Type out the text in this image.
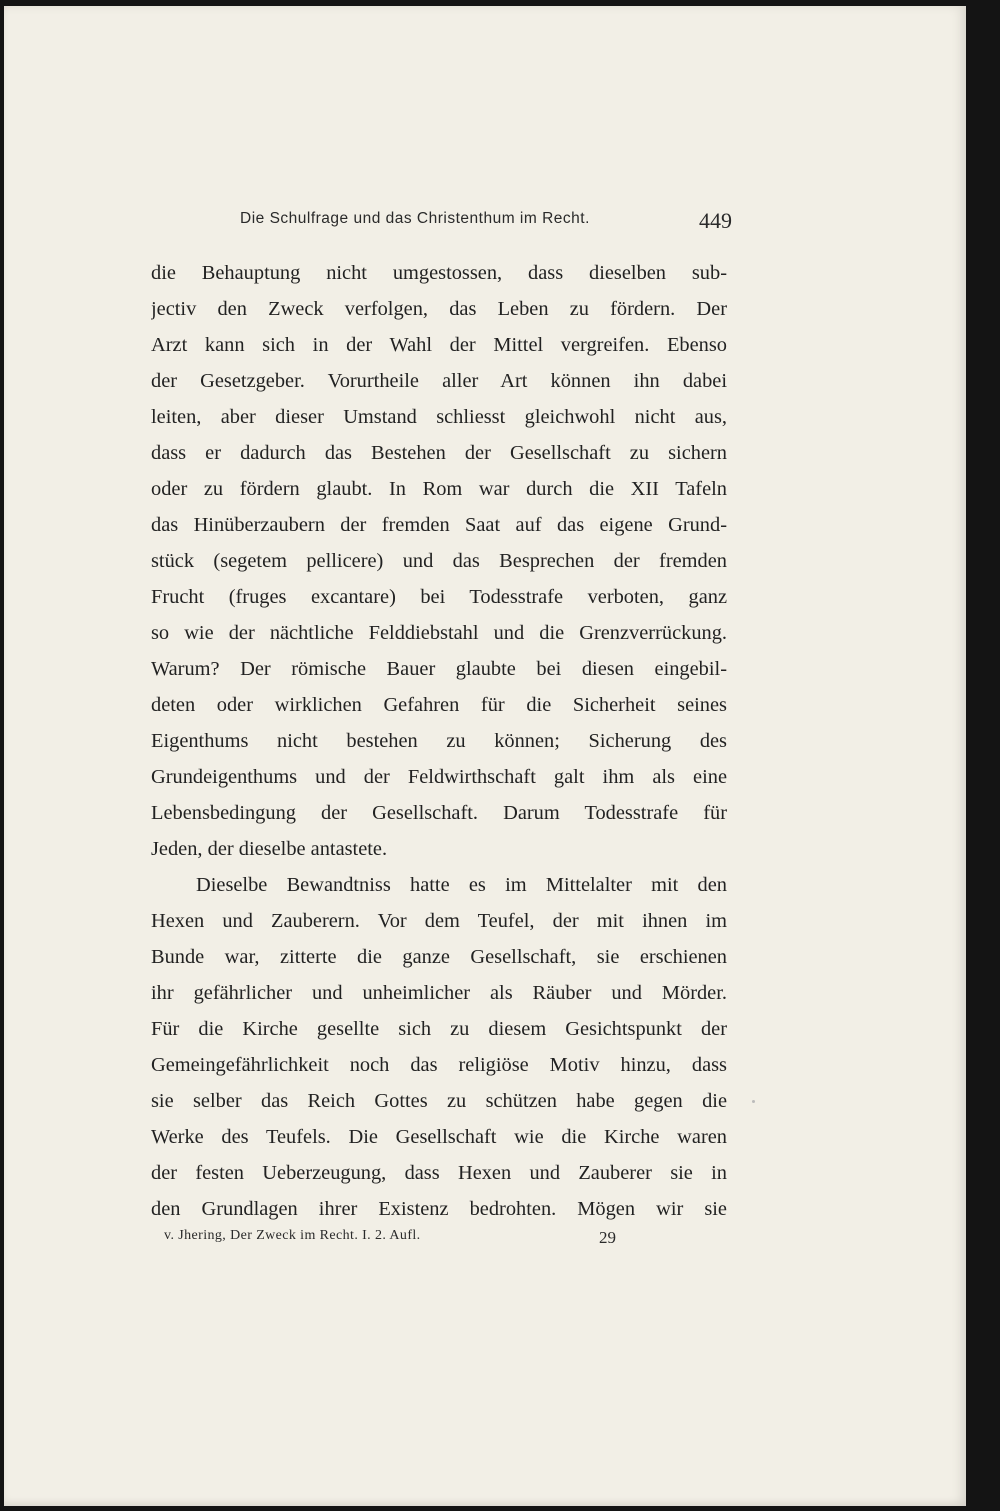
Die Schulfrage und das Christenthum im Recht.	449
die Behauptung nicht umgestossen, dass dieselben sub-
jectiv den Zweck verfolgen, das Leben zu fördern. Der
Arzt kann sich in der Wahl der Mittel vergreifen. Ebenso
der Gesetzgeber. Vorurtheile aller Art können ihn dabei
leiten, aber dieser Umstand schliesst gleichwohl nicht aus,
dass er dadurch das Bestehen der Gesellschaft zu sichern
oder zu fördern glaubt. In Rom war durch die XII Tafeln
das Hinüberzaubern der fremden Saat auf das eigene Grund-
stück (segetem pellicere) und das Besprechen der fremden
Frucht (fruges excantare) bei Todesstrafe verboten, ganz
so wie der nächtliche Felddiebstahl und die Grenzverrückung.
Warum? Der römische Bauer glaubte bei diesen eingebil-
deten oder wirklichen Gefahren für die Sicherheit seines
Eigenthums nicht bestehen zu können; Sicherung des
Grundeigenthums und der Feldwirthschaft galt ihm als eine
Lebensbedingung der Gesellschaft. Darum Todesstrafe für
Jeden, der dieselbe antastete.
Dieselbe Bewandtniss hatte es im Mittelalter mit den
Hexen und Zauberern. Vor dem Teufel, der mit ihnen im
Bunde war, zitterte die ganze Gesellschaft, sie erschienen
ihr gefährlicher und unheimlicher als Räuber und Mörder.
Für die Kirche gesellte sich zu diesem Gesichtspunkt der
Gemeingefährlichkeit noch das religiöse Motiv hinzu, dass
sie selber das Reich Gottes zu schützen habe gegen die
Werke des Teufels. Die Gesellschaft wie die Kirche waren
der festen Ueberzeugung, dass Hexen und Zauberer sie in
den Grundlagen ihrer Existenz bedrohten. Mögen wir sie
v. Jhering, Der Zweck im Recht. I. 2. Aufl.	29
